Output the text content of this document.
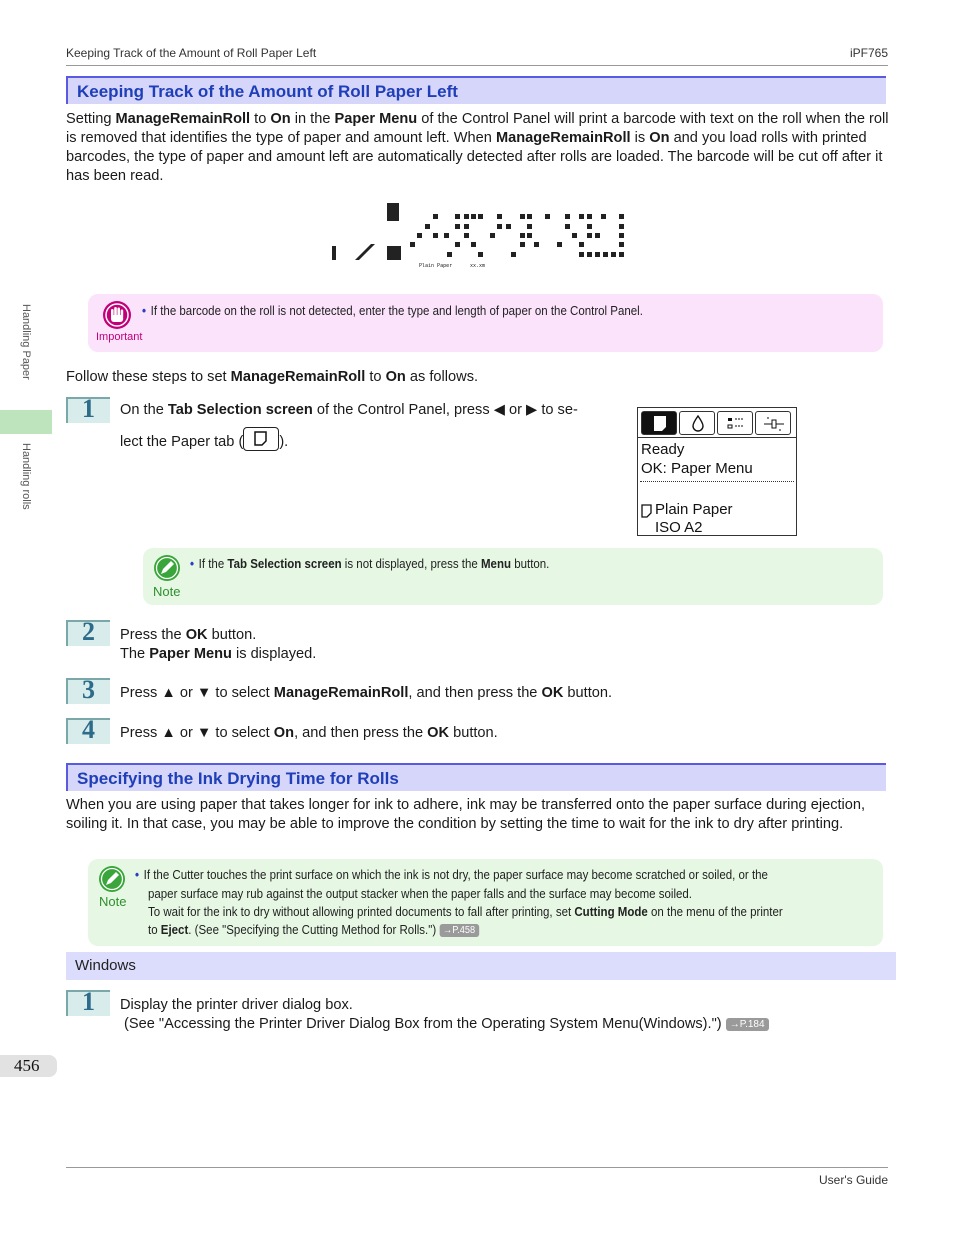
Keeping Track of the Amount of Roll Paper Left	iPF765
Handling Paper
Handling rolls
Keeping Track of the Amount of Roll Paper Left
Setting ManageRemainRoll to On in the Paper Menu of the Control Panel will print a barcode with text on the roll when the roll is removed that identifies the type of paper and amount left. When ManageRemainRoll is On and you load rolls with printed barcodes, the type of paper and amount left are automatically detected after rolls are loaded. The barcode will be cut off after it has been read.
Plain Paper	xx.xm
Important
• If the barcode on the roll is not detected, enter the type and length of paper on the Control Panel.
Follow these steps to set ManageRemainRoll to On as follows.
1 On the Tab Selection screen of the Control Panel, press ◀ or ▶ to se-
lect the Paper tab ( ).	Ready
OK: Paper Menu
Plain Paper
ISO A2
Note
• If the Tab Selection screen is not displayed, press the Menu button.
2 Press the OK button.
The Paper Menu is displayed.
3 Press ▲ or ▼ to select ManageRemainRoll, and then press the OK button.
4 Press ▲ or ▼ to select On, and then press the OK button.
Specifying the Ink Drying Time for Rolls
When you are using paper that takes longer for ink to adhere, ink may be transferred onto the paper surface during ejection, soiling it. In that case, you may be able to improve the condition by setting the time to wait for the ink to dry after printing.
Note
• If the Cutter touches the print surface on which the ink is not dry, the paper surface may become scratched or soiled, or the
paper surface may rub against the output stacker when the paper falls and the surface may become soiled.
To wait for the ink to dry without allowing printed documents to fall after printing, set Cutting Mode on the menu of the printer
to Eject. (See "Specifying the Cutting Method for Rolls.") →P.458
Windows
1 Display the printer driver dialog box.
(See "Accessing the Printer Driver Dialog Box from the Operating System Menu(Windows).") →P.184
456
User's Guide
